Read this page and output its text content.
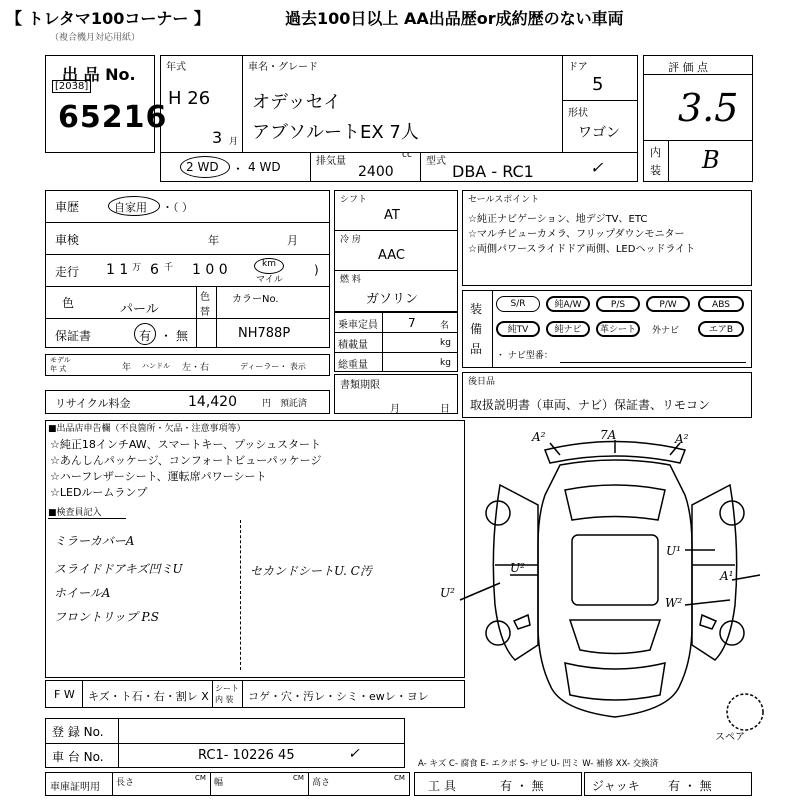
【 トレタマ100コーナー 】	過去100日以上 AA出品歴or成約歴のない車両
（複合機月対応用紙）
出 品 No.
[2038]
65216
年式
H 26
3 月
車名・グレード
オデッセイ
アブソルートEX 7人
ドア
5
形状
ワゴン
2 WD ・ 4 WD	排気量
cc
2400
型式
DBA - RC1	✓
評 価 点
3.5
内
装 B
車歴	自家用 ・（ ）
車検	年	月
走行 1 1 万 6 千 1 0 0	km
マイル
)
色	パール
色
替
カラーNo.
NH788P
保証書	有 ・ 無
モデル
年 式	年 ハンドル 左・右	ディーラー・ 表示
リサイクル料金	14,420	円 預託済
シフト
AT
冷 房
AAC
燃 料
ガソリン
乗車定員	7	名
積載量	kg
総重量	kg
書類期限
月	日
セールスポイント
☆純正ナビゲーション、地デジTV、ETC
☆マルチビューカメラ、フリップダウンモニター
☆両側パワースライドドア両側、LEDヘッドライト
装
備
品
S/R	純A/W	P/S	P/W	ABS
純TV	純ナビ	革シート	外ナビ	エアB
・ ナビ型番：
後日品
取扱説明書（車両、ナビ）保証書、リモコン
■出品店申告欄（不良箇所・欠品・注意事項等）
☆純正18インチAW、スマートキー、プッシュスタート
☆あんしんパッケージ、コンフォートビューパッケージ
☆ハーフレザーシート、運転席パワーシート
☆LEDルームランプ
■検査員記入
ミラーカバーA
スライドドアキズ凹ミU
ホイールA
フロントリップ P.S
セカンドシートU. C汚
A²	7A	A²
U¹
U²
A¹
U²
W²
スペア
F W キズ・ト石・右・割レ X
シート
内 装 コゲ・穴・汚レ・シミ・ewレ・ヨレ
登 録 No.
車 台 No.	RC1- 10226 45	✓
車庫証明用 長さ	CM 幅	CM 高さ	CM
A- キズ C- 腐食 E- エクボ S- サビ U- 凹ミ W- 補修 XX- 交換済
工 具	有 ・ 無	ジャッキ 有 ・ 無
